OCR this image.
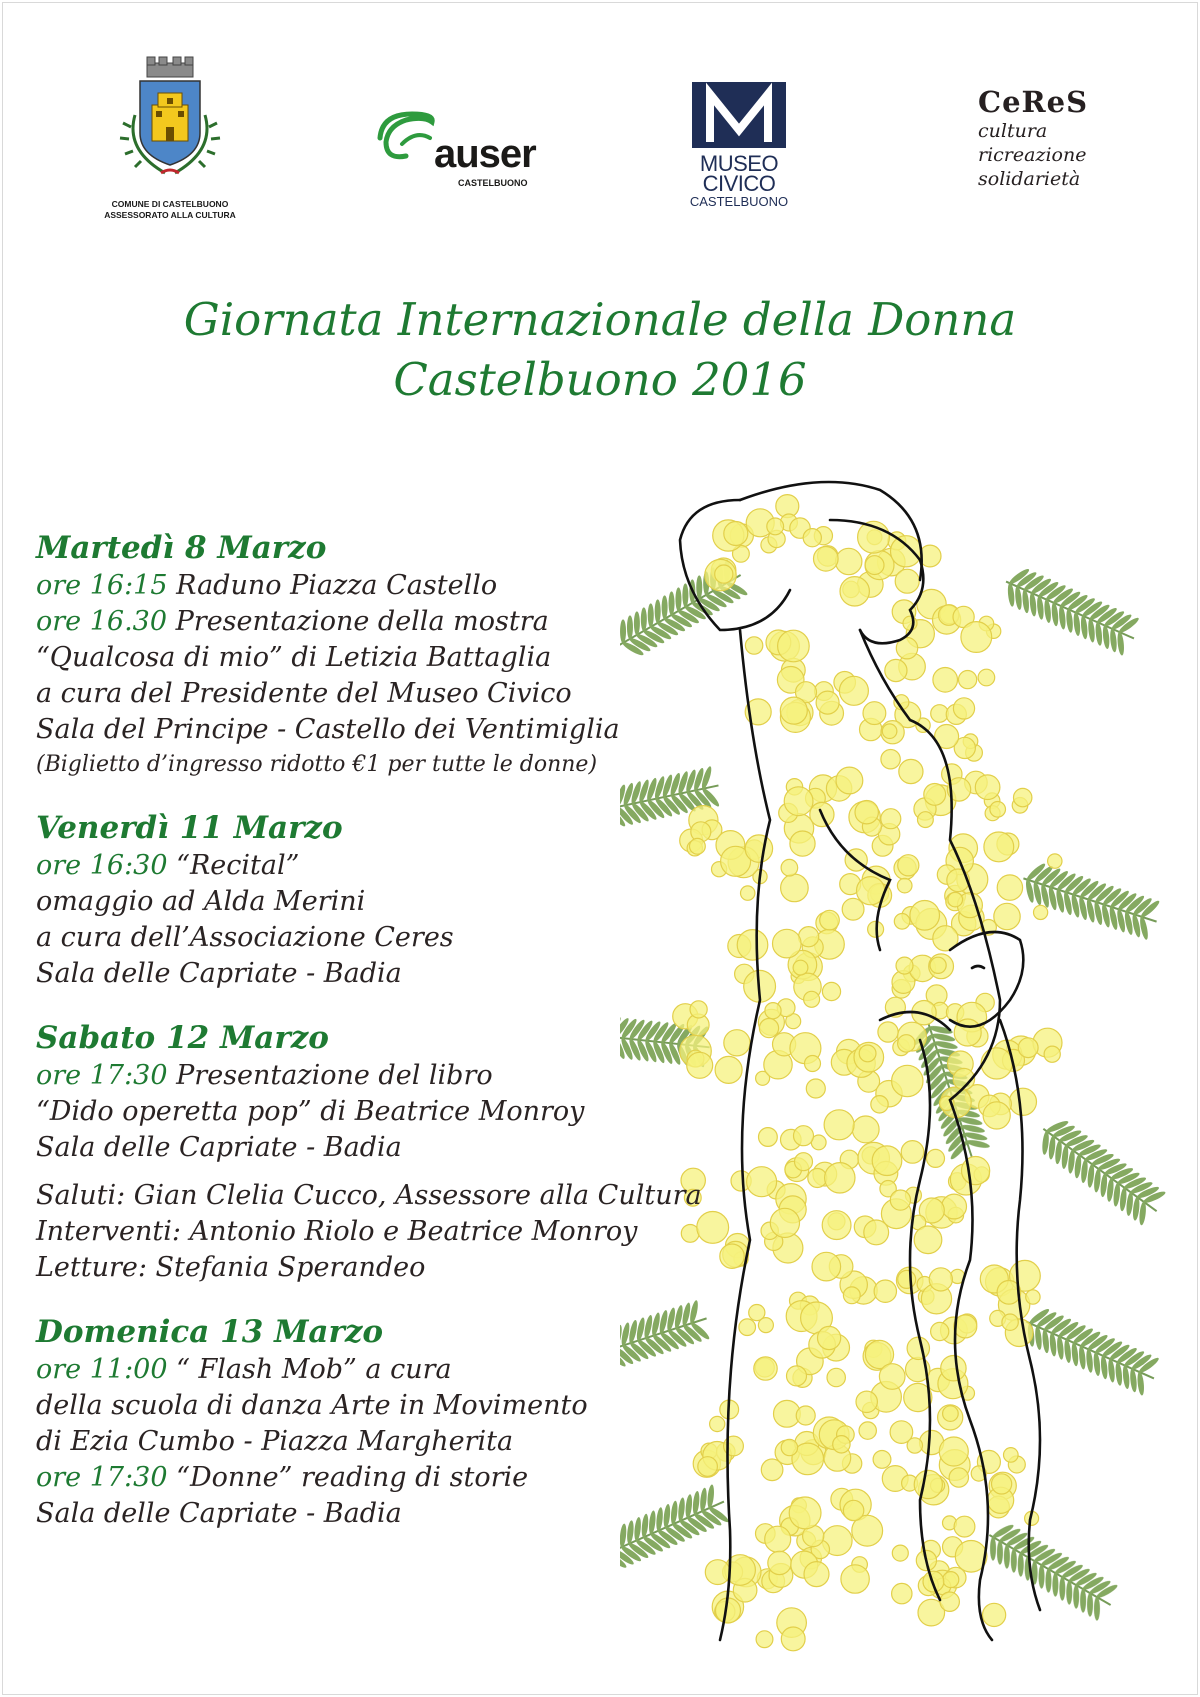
COMUNE DI CASTELBUONO
ASSESSORATO ALLA CULTURA
auser
CASTELBUONO
MUSEO
CIVICO
CASTELBUONO
CeReS
cultura
ricreazione
solidarietà
Giornata Internazionale della Donna
Castelbuono 2016
Martedì 8 Marzo
ore 16:15 Raduno Piazza Castello
ore 16.30 Presentazione della mostra
“Qualcosa di mio” di Letizia Battaglia
a cura del Presidente del Museo Civico
Sala del Principe - Castello dei Ventimiglia
(Biglietto d’ingresso ridotto €1 per tutte le donne)
Venerdì 11 Marzo
ore 16:30 “Recital”
omaggio ad Alda Merini
a cura dell’Associazione Ceres
Sala delle Capriate - Badia
Sabato 12 Marzo
ore 17:30 Presentazione del libro
“Dido operetta pop” di Beatrice Monroy
Sala delle Capriate - Badia
Saluti: Gian Clelia Cucco, Assessore alla Cultura
Interventi: Antonio Riolo e Beatrice Monroy
Letture: Stefania Sperandeo
Domenica 13 Marzo
ore 11:00 “ Flash Mob” a cura
della scuola di danza Arte in Movimento
di Ezia Cumbo - Piazza Margherita
ore 17:30 “Donne” reading di storie
Sala delle Capriate - Badia
